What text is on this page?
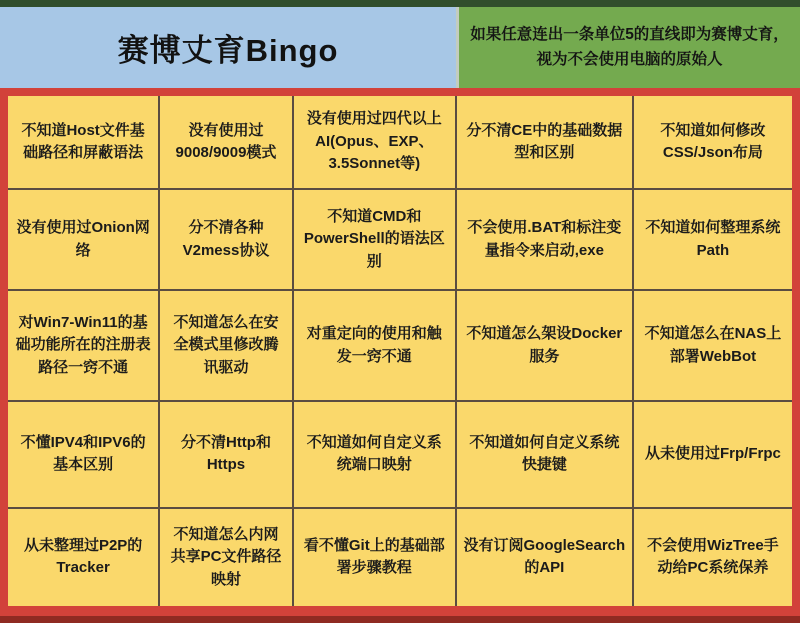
赛博丈育Bingo	如果任意连出一条单位5的直线即为赛博丈育，视为不会使用电脑的原始人
不知道Host文件基础路径和屏蔽语法
没有使用过9008/9009模式
没有使用过四代以上AI(Opus、EXP、3.5Sonnet等)
分不清CE中的基础数据型和区别
不知道如何修改CSS/Json布局
没有使用过Onion网络
分不清各种V2mess协议
不知道CMD和PowerShell的语法区别
不会使用.BAT和标注变量指令来启动,exe
不知道如何整理系统Path
对Win7-Win11的基础功能所在的注册表路径一窍不通
不知道怎么在安全模式里修改腾讯驱动
对重定向的使用和触发一窍不通
不知道怎么架设Docker服务
不知道怎么在NAS上部署WebBot
不懂IPV4和IPV6的基本区别
分不清Http和Https
不知道如何自定义系统端口映射
不知道如何自定义系统快捷键
从未使用过Frp/Frpc
从未整理过P2P的Tracker
不知道怎么内网共享PC文件路径映射
看不懂Git上的基础部署步骤教程
没有订阅GoogleSearch的API
不会使用WizTree手动给PC系统保养
